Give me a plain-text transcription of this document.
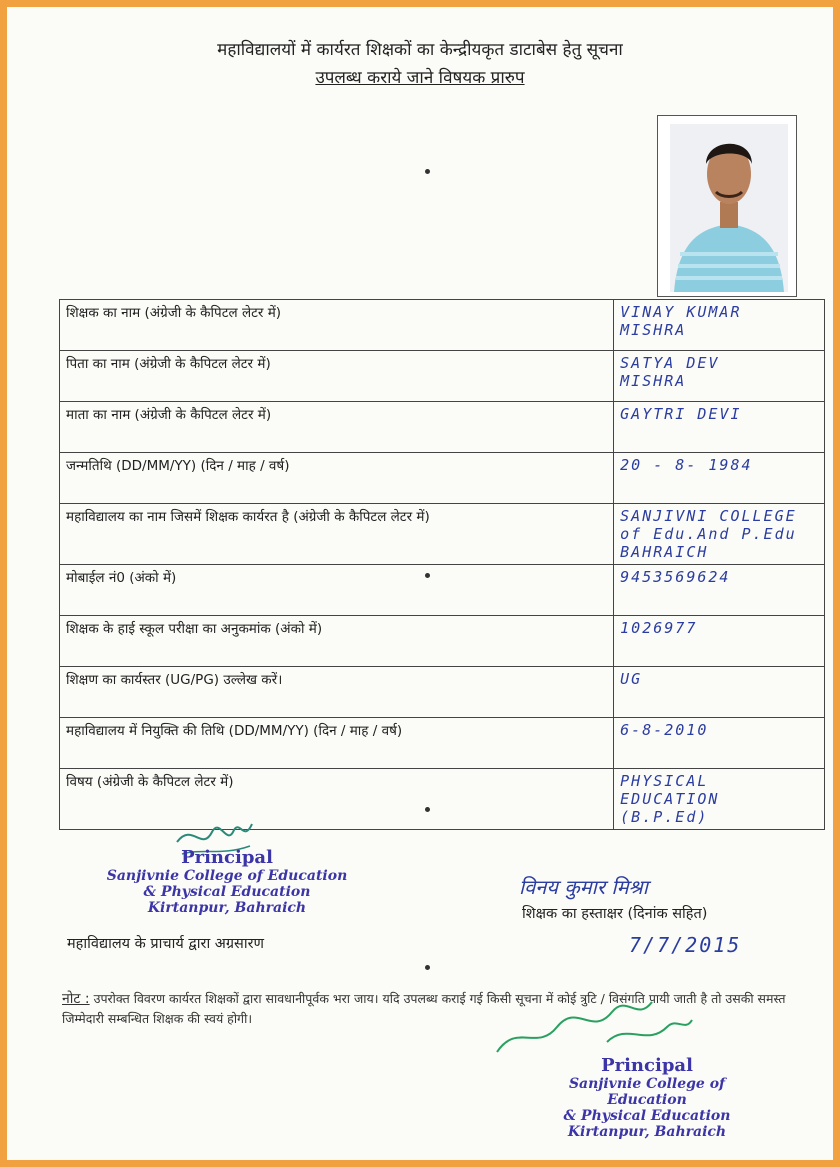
महाविद्यालयों में कार्यरत शिक्षकों का केन्द्रीयकृत डाटाबेस हेतु सूचना
उपलब्ध कराये जाने विषयक प्रारुप
शिक्षक का नाम (अंग्रेजी के कैपिटल लेटर में)	VINAY KUMAR
MISHRA
पिता का नाम (अंग्रेजी के कैपिटल लेटर में)	SATYA DEV
MISHRA
माता का नाम (अंग्रेजी के कैपिटल लेटर में)	GAYTRI DEVI
जन्मतिथि (DD/MM/YY) (दिन / माह / वर्ष)	20 - 8- 1984
महाविद्यालय का नाम जिसमें शिक्षक कार्यरत है (अंग्रेजी के कैपिटल लेटर में)	SANJIVNI COLLEGE
of Edu.And P.Edu
BAHRAICH
मोबाईल नं0 (अंको में)	9453569624
शिक्षक के हाई स्कूल परीक्षा का अनुकमांक (अंको में)	1026977
शिक्षण का कार्यस्तर (UG/PG) उल्लेख करें।	UG
महाविद्यालय में नियुक्ति की तिथि (DD/MM/YY) (दिन / माह / वर्ष)	6-8-2010
विषय (अंग्रेजी के कैपिटल लेटर में)	PHYSICAL
EDUCATION
(B.P.Ed)
Principal
Sanjivnie College of Education
& Physical Education
Kirtanpur, Bahraich
महाविद्यालय के प्राचार्य द्वारा अग्रसारण
विनय कुमार मिश्रा
शिक्षक का हस्ताक्षर (दिनांक सहित)
7/7/2015
नोट : उपरोक्त विवरण कार्यरत शिक्षकों द्वारा सावधानीपूर्वक भरा जाय। यदि उपलब्ध कराई गई किसी सूचना में कोई त्रुटि / विसंगति पायी जाती है तो उसकी समस्त जिम्मेदारी सम्बन्धित शिक्षक की स्वयं होगी।
Principal
Sanjivnie College of Education
& Physical Education
Kirtanpur, Bahraich
